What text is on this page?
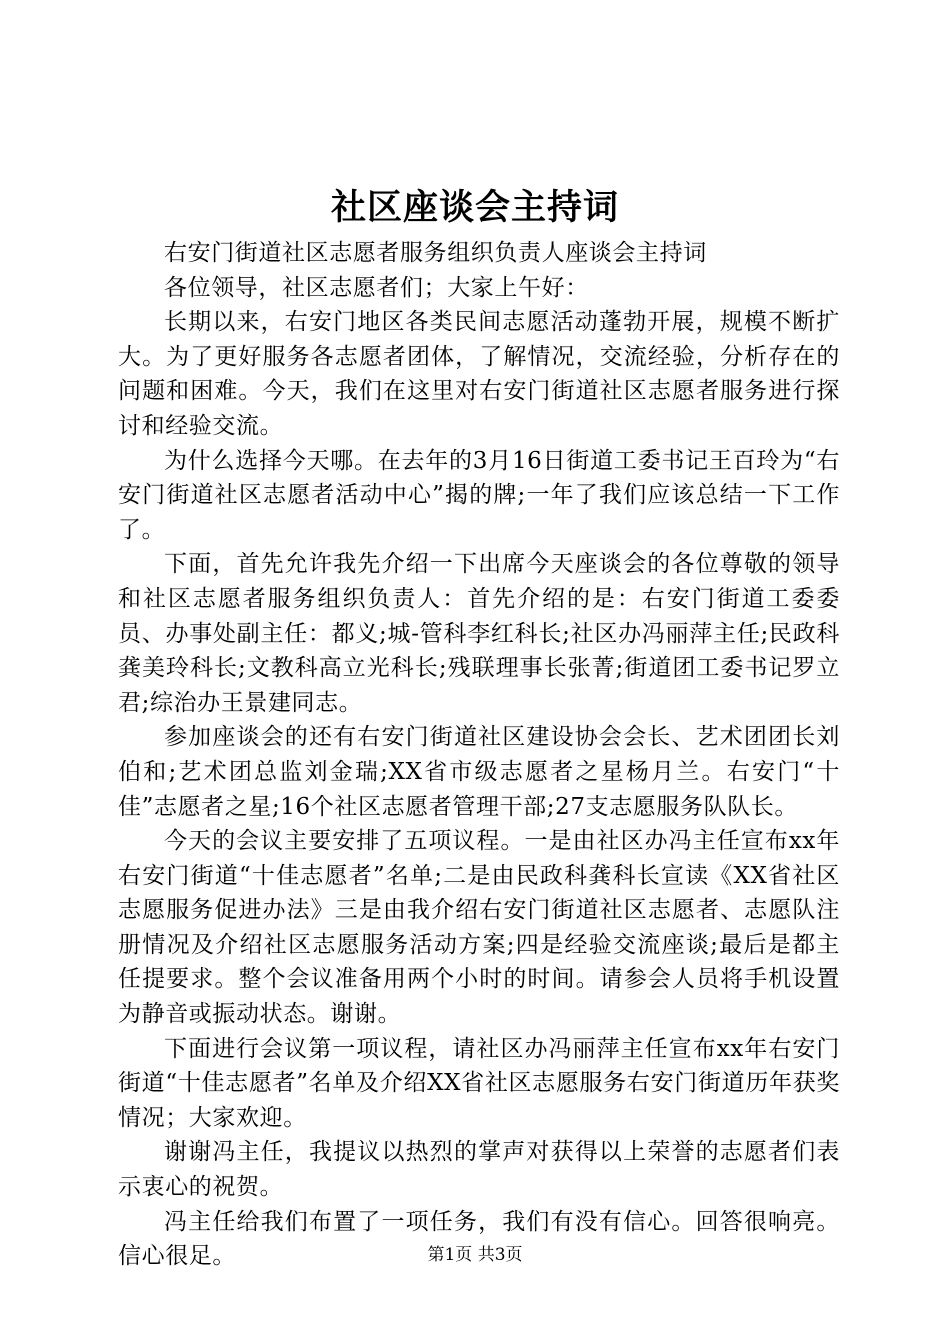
社区座谈会主持词

右安门街道社区志愿者服务组织负责人座谈会主持词

各位领导，社区志愿者们；大家上午好：

长期以来，右安门地区各类民间志愿活动蓬勃开展，规模不断扩大。为了更好服务各志愿者团体，了解情况，交流经验，分析存在的问题和困难。今天，我们在这里对右安门街道社区志愿者服务进行探讨和经验交流。

为什么选择今天哪。在去年的3月16日街道工委书记王百玲为“右安门街道社区志愿者活动中心”揭的牌;一年了我们应该总结一下工作了。

下面，首先允许我先介绍一下出席今天座谈会的各位尊敬的领导和社区志愿者服务组织负责人：首先介绍的是：右安门街道工委委员、办事处副主任：都义;城-管科李红科长;社区办冯丽萍主任;民政科龚美玲科长;文教科高立光科长;残联理事长张菁;街道团工委书记罗立君;综治办王景建同志。

参加座谈会的还有右安门街道社区建设协会会长、艺术团团长刘伯和;艺术团总监刘金瑞;XX省市级志愿者之星杨月兰。右安门“十佳”志愿者之星;16个社区志愿者管理干部;27支志愿服务队队长。

今天的会议主要安排了五项议程。一是由社区办冯主任宣布xx年右安门街道“十佳志愿者”名单;二是由民政科龚科长宣读《XX省社区志愿服务促进办法》三是由我介绍右安门街道社区志愿者、志愿队注册情况及介绍社区志愿服务活动方案;四是经验交流座谈;最后是都主任提要求。整个会议准备用两个小时的时间。请参会人员将手机设置为静音或振动状态。谢谢。

下面进行会议第一项议程，请社区办冯丽萍主任宣布xx年右安门街道“十佳志愿者”名单及介绍XX省社区志愿服务右安门街道历年获奖情况；大家欢迎。

谢谢冯主任，我提议以热烈的掌声对获得以上荣誉的志愿者们表示衷心的祝贺。

冯主任给我们布置了一项任务，我们有没有信心。回答很响亮。信心很足。	第1页 共3页
